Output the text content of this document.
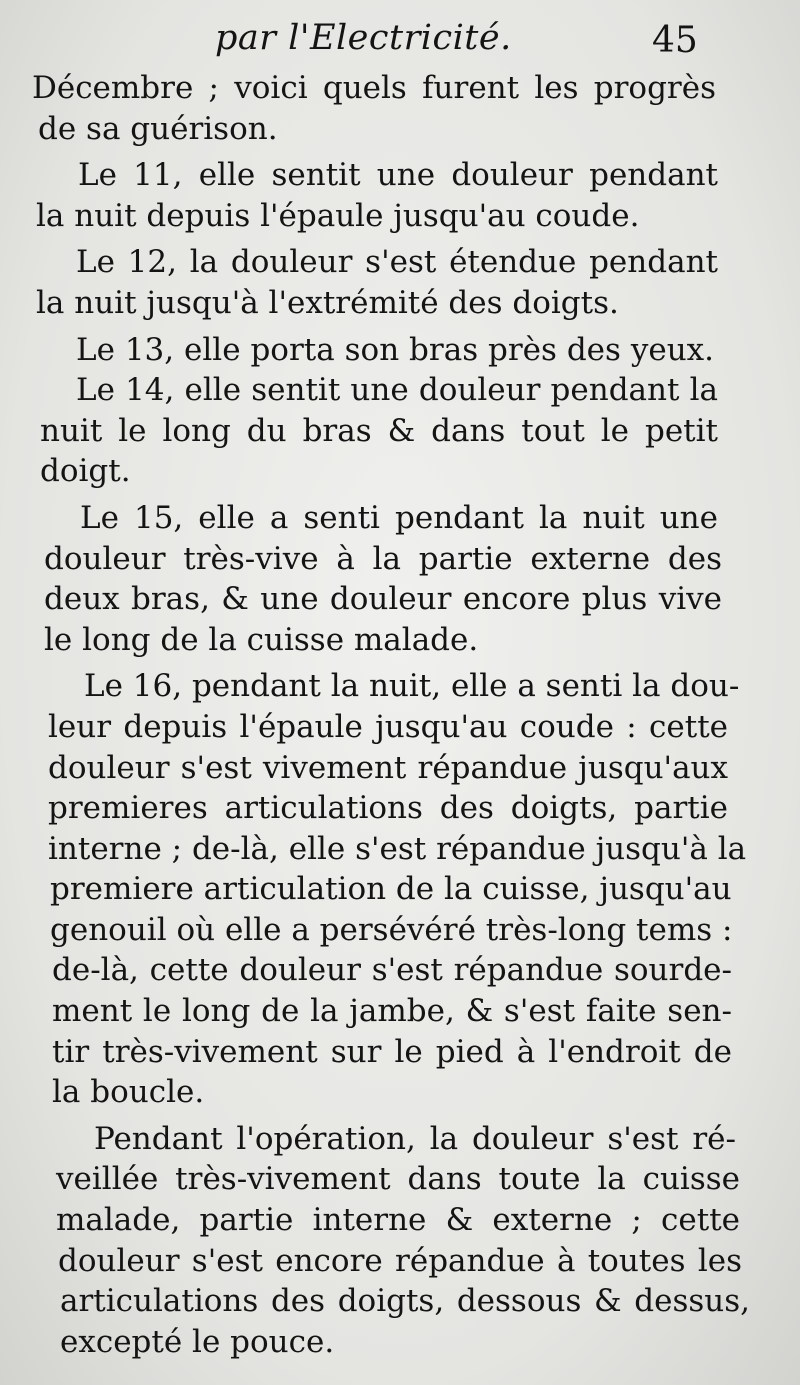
par l'Electricité.	45
Décembre ; voici quels furent les progrès
de sa guérison.
Le 11, elle sentit une douleur pendant
la nuit depuis l'épaule jusqu'au coude.
Le 12, la douleur s'est étendue pendant
la nuit jusqu'à l'extrémité des doigts.
Le 13, elle porta son bras près des yeux.
Le 14, elle sentit une douleur pendant la
nuit le long du bras & dans tout le petit
doigt.
Le 15, elle a senti pendant la nuit une
douleur très-vive à la partie externe des
deux bras, & une douleur encore plus vive
le long de la cuisse malade.
Le 16, pendant la nuit, elle a senti la dou-
leur depuis l'épaule jusqu'au coude : cette
douleur s'est vivement répandue jusqu'aux
premieres articulations des doigts, partie
interne ; de-là, elle s'est répandue jusqu'à la
premiere articulation de la cuisse, jusqu'au
genouil où elle a persévéré très-long tems :
de-là, cette douleur s'est répandue sourde-
ment le long de la jambe, & s'est faite sen-
tir très-vivement sur le pied à l'endroit de
la boucle.
Pendant l'opération, la douleur s'est ré-
veillée très-vivement dans toute la cuisse
malade, partie interne & externe ; cette
douleur s'est encore répandue à toutes les
articulations des doigts, dessous & dessus,
excepté le pouce.
